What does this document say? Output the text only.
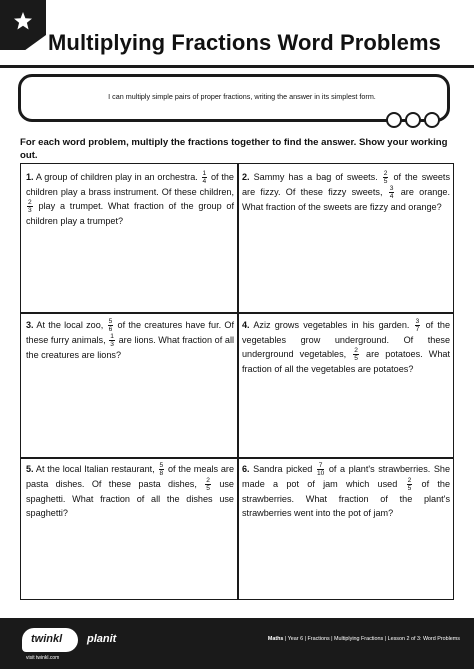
Multiplying Fractions Word Problems
I can multiply simple pairs of proper fractions, writing the answer in its simplest form.

For each word problem, multiply the fractions together to find the answer. Show your working out.

1. A group of children play in an orchestra. $\frac{1}{4}$ of the children play a brass instrument. Of these children,
$\frac{2}{3}$ play a trumpet. What fraction of the group of children play a trumpet?
2. Sammy has a bag of sweets. $\frac{2}{5}$ of the sweets are fizzy. Of these fizzy sweets, $\frac{3}{4}$ are orange. What fraction of the sweets are fizzy and orange?
3. At the local zoo, $\frac{5}{6}$ of the creatures have fur. Of these furry animals, $\frac{1}{3}$ are lions. What fraction of all the creatures are lions?
4. Aziz grows vegetables in his garden. $\frac{3}{7}$ of the vegetables grow underground. Of these underground vegetables, $\frac{2}{5}$ are potatoes. What fraction of all the vegetables are potatoes?
5. At the local Italian restaurant, $\frac{5}{8}$ of the meals are pasta dishes. Of these pasta dishes, $\frac{2}{5}$ use spaghetti. What fraction of all the dishes use spaghetti?
6. Sandra picked $\frac{7}{10}$ of a plant's strawberries. She made a pot of jam which used $\frac{2}{5}$ of the strawberries. What fraction of the plant's strawberries went into the pot of jam?
twinkl
visit twinkl.com
planit	Maths | Year 6 | Fractions | Multiplying Fractions | Lesson 2 of 3: Word Problems
